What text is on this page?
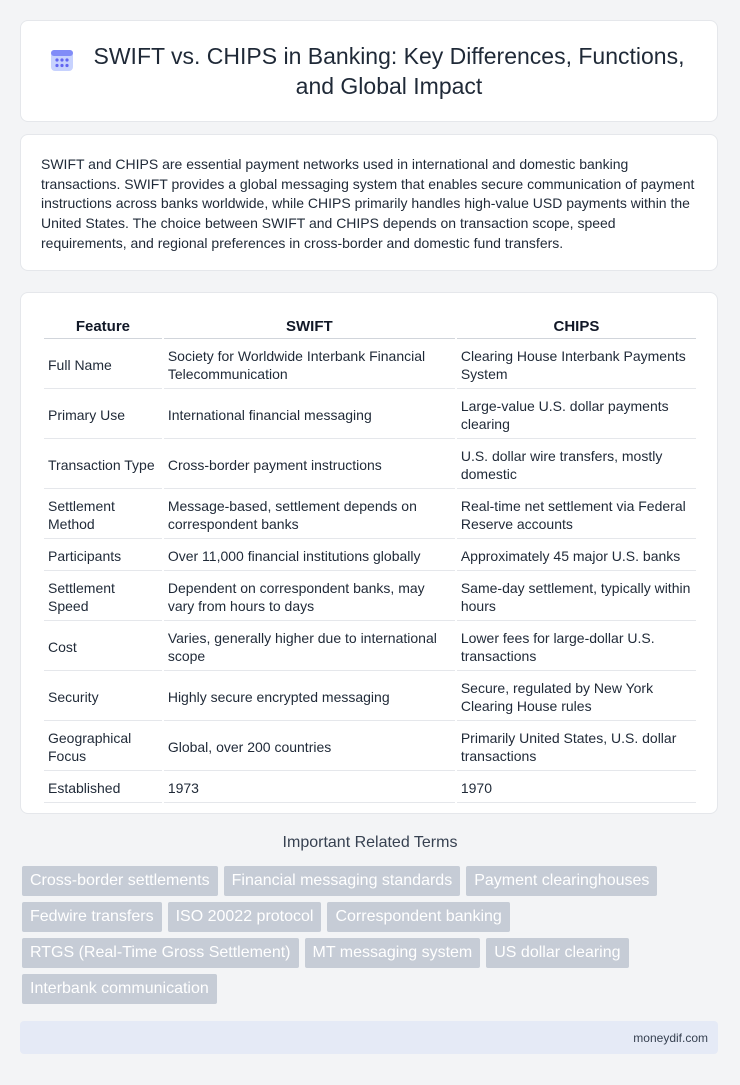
SWIFT vs. CHIPS in Banking: Key Differences, Functions, and Global Impact

SWIFT and CHIPS are essential payment networks used in international and domestic banking transactions. SWIFT provides a global messaging system that enables secure communication of payment instructions across banks worldwide, while CHIPS primarily handles high-value USD payments within the United States. The choice between SWIFT and CHIPS depends on transaction scope, speed requirements, and regional preferences in cross-border and domestic fund transfers.

Feature	SWIFT	CHIPS
Full Name	Society for Worldwide Interbank Financial Telecommunication	Clearing House Interbank Payments System
Primary Use	International financial messaging	Large-value U.S. dollar payments clearing
Transaction Type	Cross-border payment instructions	U.S. dollar wire transfers, mostly domestic
Settlement Method	Message-based, settlement depends on correspondent banks	Real-time net settlement via Federal Reserve accounts
Participants	Over 11,000 financial institutions globally	Approximately 45 major U.S. banks
Settlement Speed	Dependent on correspondent banks, may vary from hours to days	Same-day settlement, typically within hours
Cost	Varies, generally higher due to international scope	Lower fees for large-dollar U.S. transactions
Security	Highly secure encrypted messaging	Secure, regulated by New York Clearing House rules
Geographical Focus	Global, over 200 countries	Primarily United States, U.S. dollar transactions
Established	1973	1970
Important Related Terms
Cross-border settlements	Financial messaging standards	Payment clearinghouses
Fedwire transfers	ISO 20022 protocol	Correspondent banking
RTGS (Real-Time Gross Settlement)	MT messaging system	US dollar clearing
Interbank communication
moneydif.com
